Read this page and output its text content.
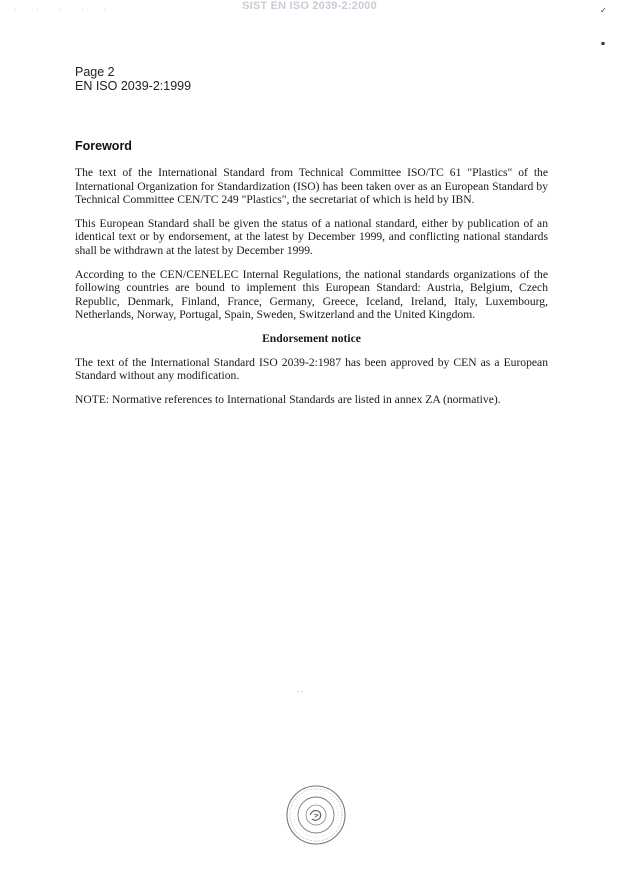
SIST EN ISO 2039-2:2000
· · · · ·	✓
▪
Page 2
EN ISO 2039-2:1999
Foreword

The text of the International Standard from Technical Committee ISO/TC 61 "Plastics" of the International Organization for Standardization (ISO) has been taken over as an European Standard by Technical Committee CEN/TC 249 "Plastics", the secretariat of which is held by IBN.

This European Standard shall be given the status of a national standard, either by publication of an identical text or by endorsement, at the latest by December 1999, and conflicting national standards shall be withdrawn at the latest by December 1999.

According to the CEN/CENELEC Internal Regulations, the national standards organizations of the following countries are bound to implement this European Standard: Austria, Belgium, Czech Republic, Denmark, Finland, France, Germany, Greece, Iceland, Ireland, Italy, Luxembourg, Netherlands, Norway, Portugal, Spain, Sweden, Switzerland and the United Kingdom.

Endorsement notice

The text of the International Standard ISO 2039-2:1987 has been approved by CEN as a European Standard without any modification.

NOTE: Normative references to International Standards are listed in annex ZA (normative).

· ·
